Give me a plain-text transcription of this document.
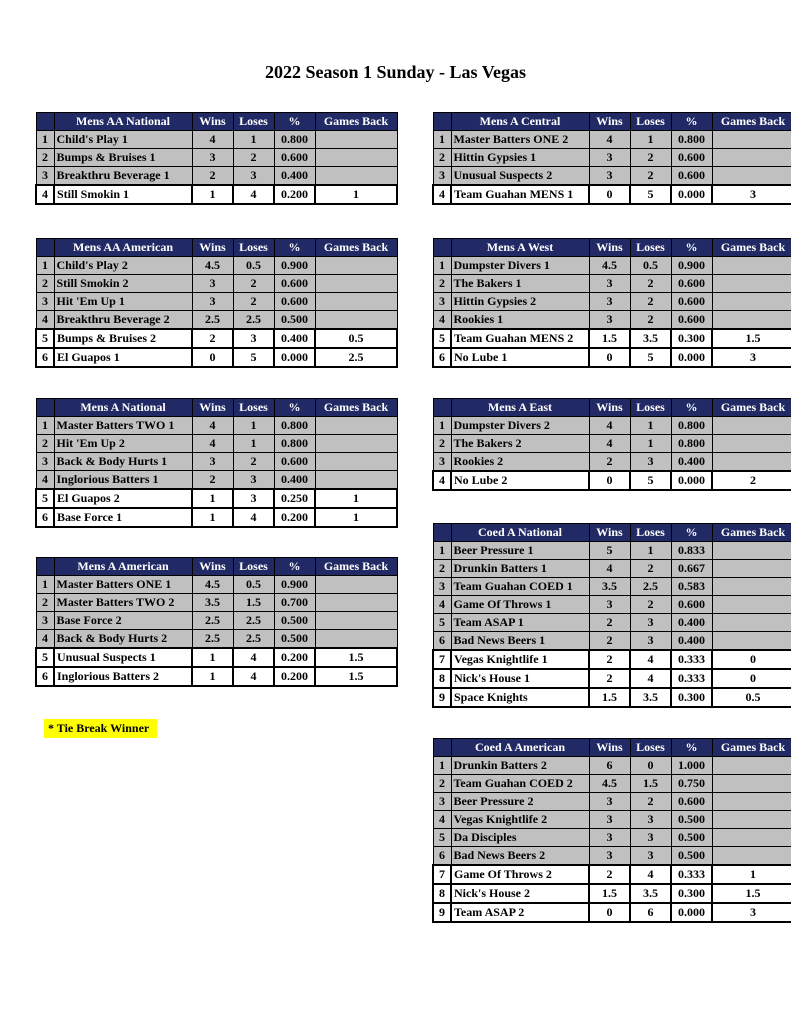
2022 Season 1 Sunday - Las Vegas
* Tie Break Winner
	Mens AA National	Wins	Loses	%	Games Back
1	Child's Play 1	4	1	0.800	
2	Bumps & Bruises 1	3	2	0.600	
3	Breakthru Beverage 1	2	3	0.400	
4	Still Smokin 1	1	4	0.200	1
	Mens A Central	Wins	Loses	%	Games Back
1	Master Batters ONE 2	4	1	0.800	
2	Hittin Gypsies 1	3	2	0.600	
3	Unusual Suspects 2	3	2	0.600	
4	Team Guahan MENS 1	0	5	0.000	3
	Mens AA American	Wins	Loses	%	Games Back
1	Child's Play 2	4.5	0.5	0.900	
2	Still Smokin 2	3	2	0.600	
3	Hit 'Em Up 1	3	2	0.600	
4	Breakthru Beverage 2	2.5	2.5	0.500	
5	Bumps & Bruises 2	2	3	0.400	0.5
6	El Guapos 1	0	5	0.000	2.5
	Mens A West	Wins	Loses	%	Games Back
1	Dumpster Divers 1	4.5	0.5	0.900	
2	The Bakers 1	3	2	0.600	
3	Hittin Gypsies 2	3	2	0.600	
4	Rookies 1	3	2	0.600	
5	Team Guahan MENS 2	1.5	3.5	0.300	1.5
6	No Lube 1	0	5	0.000	3
	Mens A National	Wins	Loses	%	Games Back
1	Master Batters TWO 1	4	1	0.800	
2	Hit 'Em Up 2	4	1	0.800	
3	Back & Body Hurts 1	3	2	0.600	
4	Inglorious Batters 1	2	3	0.400	
5	El Guapos 2	1	3	0.250	1
6	Base Force 1	1	4	0.200	1
	Mens A East	Wins	Loses	%	Games Back
1	Dumpster Divers 2	4	1	0.800	
2	The Bakers 2	4	1	0.800	
3	Rookies 2	2	3	0.400	
4	No Lube 2	0	5	0.000	2
	Coed A National	Wins	Loses	%	Games Back
1	Beer Pressure 1	5	1	0.833	
2	Drunkin Batters 1	4	2	0.667	
3	Team Guahan COED 1	3.5	2.5	0.583	
4	Game Of Throws 1	3	2	0.600	
5	Team ASAP 1	2	3	0.400	
6	Bad News Beers 1	2	3	0.400	
7	Vegas Knightlife 1	2	4	0.333	0
8	Nick's House 1	2	4	0.333	0
9	Space Knights	1.5	3.5	0.300	0.5
	Mens A American	Wins	Loses	%	Games Back
1	Master Batters ONE 1	4.5	0.5	0.900	
2	Master Batters TWO 2	3.5	1.5	0.700	
3	Base Force 2	2.5	2.5	0.500	
4	Back & Body Hurts 2	2.5	2.5	0.500	
5	Unusual Suspects 1	1	4	0.200	1.5
6	Inglorious Batters 2	1	4	0.200	1.5
	Coed A American	Wins	Loses	%	Games Back
1	Drunkin Batters 2	6	0	1.000	
2	Team Guahan COED 2	4.5	1.5	0.750	
3	Beer Pressure 2	3	2	0.600	
4	Vegas Knightlife 2	3	3	0.500	
5	Da Disciples	3	3	0.500	
6	Bad News Beers 2	3	3	0.500	
7	Game Of Throws 2	2	4	0.333	1
8	Nick's House 2	1.5	3.5	0.300	1.5
9	Team ASAP 2	0	6	0.000	3
